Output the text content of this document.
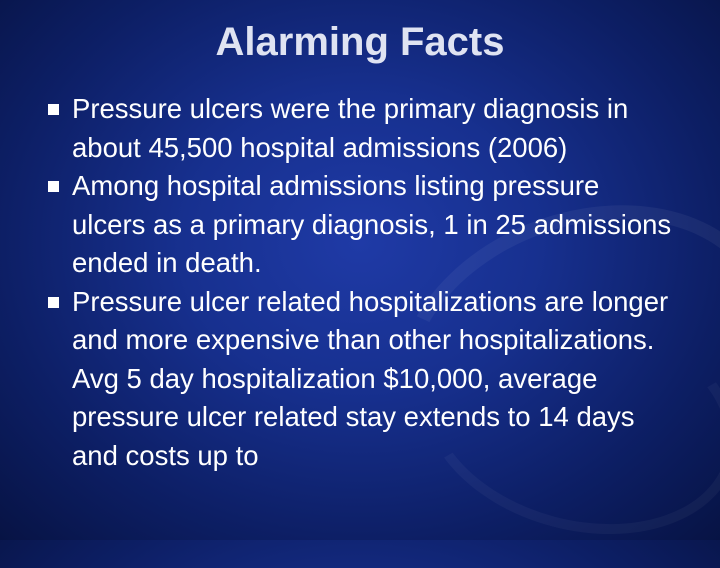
Alarming Facts
Pressure ulcers were the primary diagnosis in about 45,500 hospital admissions (2006)
Among hospital admissions listing pressure ulcers as a primary diagnosis, 1 in 25 admissions ended in death.
Pressure ulcer related hospitalizations are longer and more expensive than other hospitalizations. Avg 5 day hospitalization $10,000, average pressure ulcer related stay extends to 14 days and costs up to
